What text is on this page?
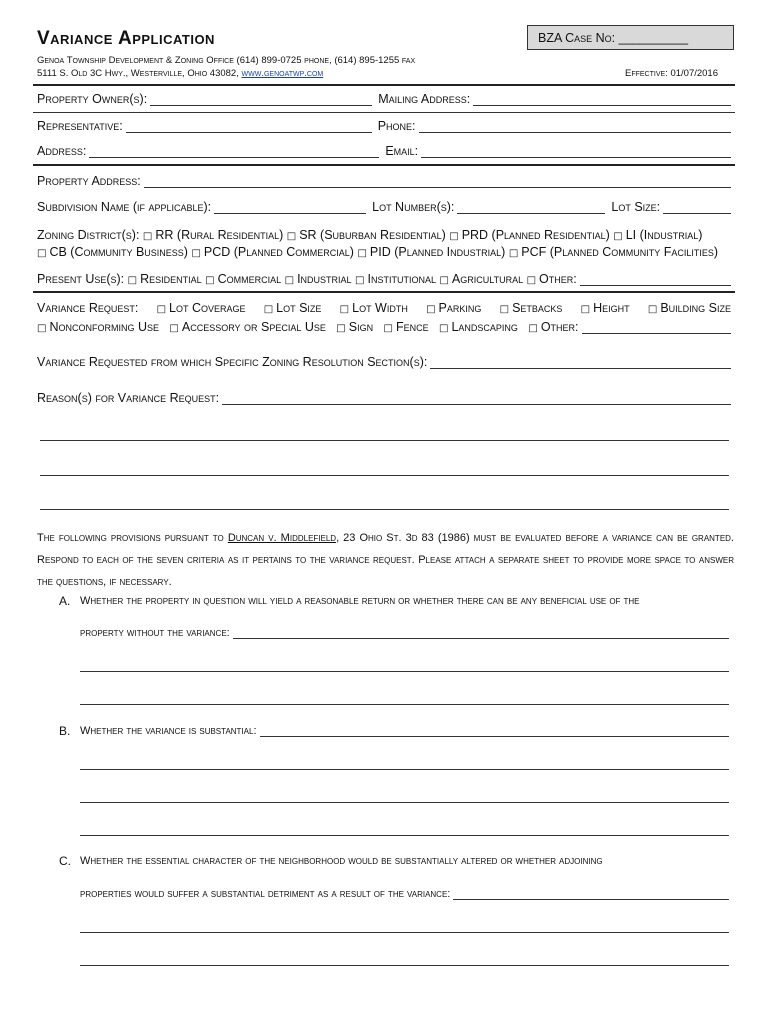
Variance Application
Genoa Township Development & Zoning Office (614) 899-0725 phone, (614) 895-1255 fax
5111 S. Old 3C Hwy., Westerville, Ohio 43082, www.genoatwp.com
BZA Case No: __________
Effective: 01/07/2016
Property Owner(s):	Mailing Address:
Representative:	Phone:
Address:	Email:
Property Address:
Subdivision Name (if applicable):	Lot Number(s):	Lot Size:
Zoning District(s): □ RR (Rural Residential) □ SR (Suburban Residential) □ PRD (Planned Residential) □ LI (Industrial)
□ CB (Community Business) □ PCD (Planned Commercial) □ PID (Planned Industrial) □ PCF (Planned Community Facilities)
Present Use(s):
□ Residential
□ Commercial
□ Industrial
□ Institutional
□ Agricultural
□ Other:
Variance Request: □ Lot Coverage □ Lot Size □ Lot Width □ Parking □ Setbacks □ Height □ Building Size
□ Nonconforming Use
□ Accessory or Special Use
□ Sign
□ Fence
□ Landscaping
□ Other:
Variance Requested from which Specific Zoning Resolution Section(s):
Reason(s) for Variance Request:
The following provisions pursuant to Duncan v. Middlefield, 23 Ohio St. 3d 83 (1986) must be evaluated before a variance can be granted. Respond to each of the seven criteria as it pertains to the variance request. Please attach a separate sheet to provide more space to answer the questions, if necessary.
A. Whether the property in question will yield a reasonable return or whether there can be any beneficial use of the
property without the variance:
B. Whether the variance is substantial:
C. Whether the essential character of the neighborhood would be substantially altered or whether adjoining
properties would suffer a substantial detriment as a result of the variance:
